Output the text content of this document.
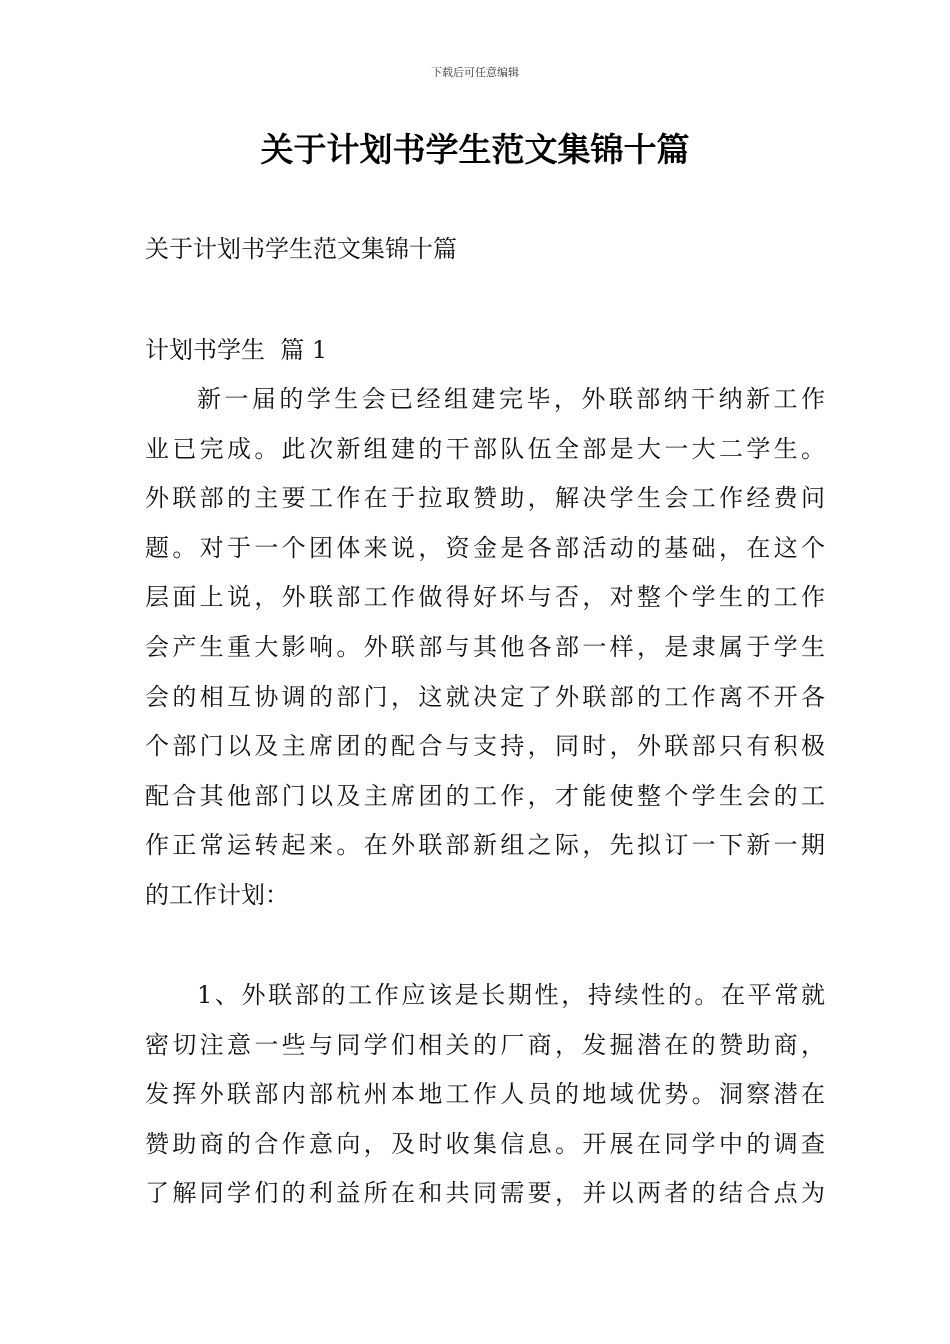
下载后可任意编辑
关于计划书学生范文集锦十篇

关于计划书学生范文集锦十篇

计划书学生  篇 1

新一届的学生会已经组建完毕，外联部纳干纳新工作
业已完成。此次新组建的干部队伍全部是大一大二学生。
外联部的主要工作在于拉取赞助，解决学生会工作经费问
题。对于一个团体来说，资金是各部活动的基础，在这个
层面上说，外联部工作做得好坏与否，对整个学生的工作
会产生重大影响。外联部与其他各部一样，是隶属于学生
会的相互协调的部门，这就决定了外联部的工作离不开各
个部门以及主席团的配合与支持，同时，外联部只有积极
配合其他部门以及主席团的工作，才能使整个学生会的工
作正常运转起来。在外联部新组之际，先拟订一下新一期
的工作计划：
1、外联部的工作应该是长期性，持续性的。在平常就
密切注意一些与同学们相关的厂商，发掘潜在的赞助商，
发挥外联部内部杭州本地工作人员的地域优势。洞察潜在
赞助商的合作意向，及时收集信息。开展在同学中的调查
了解同学们的利益所在和共同需要，并以两者的结合点为
